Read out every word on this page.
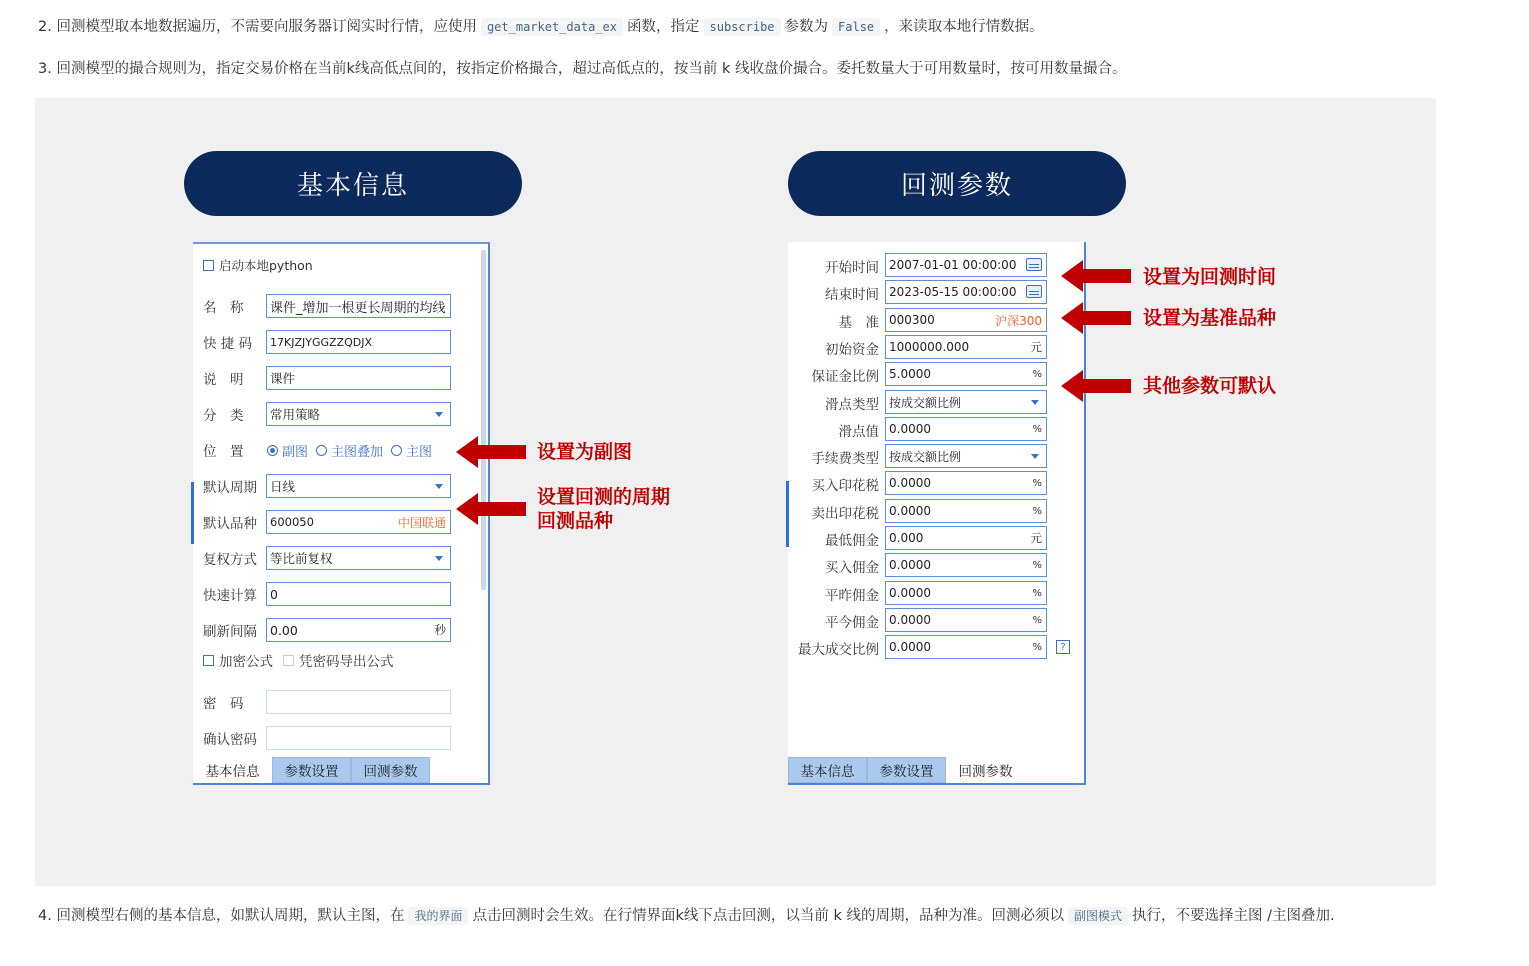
2. 回测模型取本地数据遍历，不需要向服务器订阅实时行情，应使用 get_market_data_ex 函数，指定 subscribe 参数为 False ，来读取本地行情数据。
3. 回测模型的撮合规则为，指定交易价格在当前k线高低点间的，按指定价格撮合，超过高低点的，按当前 k 线收盘价撮合。委托数量大于可用数量时，按可用数量撮合。
基本信息	回测参数
启动本地python
名　称	课件_增加一根更长周期的均线
快 捷 码	17KJZJYGGZZQDJX
说　明	课件
分　类 常用策略
位　置	副图 主图叠加 主图
默认周期 日线
默认品种 600050	中国联通
复权方式 等比前复权
快速计算	0
刷新间隔 0.00	秒
加密公式 凭密码导出公式
密　码
确认密码
基本信息	参数设置	回测参数
开始时间 2007-01-01 00:00:00
结束时间 2023-05-15 00:00:00
基　准 000300	沪深300
初始资金 1000000.000	元
保证金比例 5.0000	%
滑点类型 按成交额比例
滑点值 0.0000	%
手续费类型 按成交额比例
买入印花税 0.0000	%
卖出印花税 0.0000	%
最低佣金 0.000	元
买入佣金 0.0000	%
平昨佣金 0.0000	%
平今佣金 0.0000	%
最大成交比例 0.0000	%	?
基本信息	参数设置	回测参数
设置为副图
设置回测的周期
回测品种
设置为回测时间
设置为基准品种
其他参数可默认
4. 回测模型右侧的基本信息，如默认周期，默认主图，在 我的界面 点击回测时会生效。在行情界面k线下点击回测，以当前 k 线的周期，品种为准。回测必须以 副图模式 执行，不要选择主图 /主图叠加.
